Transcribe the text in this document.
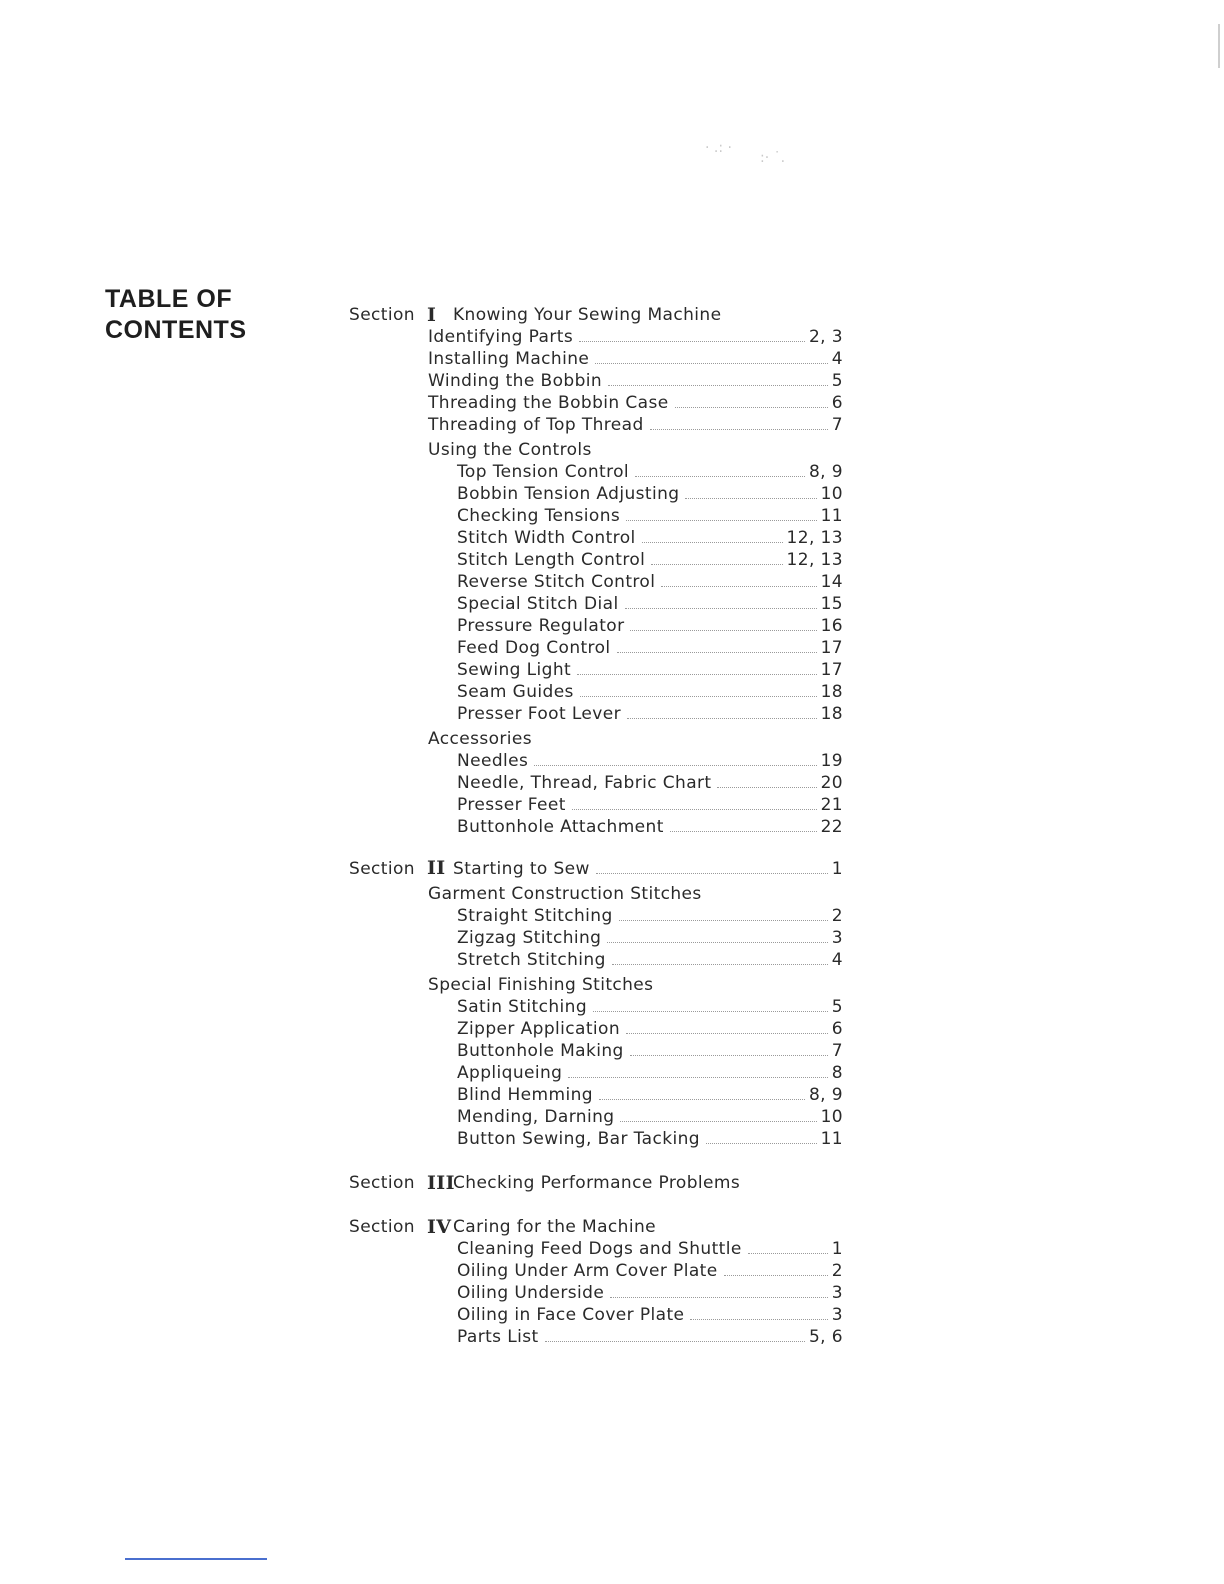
· .: ·
:· ˙.
TABLE OF
CONTENTS
Section I Knowing Your Sewing Machine
Identifying Parts	2, 3
Installing Machine	4
Winding the Bobbin	5
Threading the Bobbin Case	6
Threading of Top Thread	7
Using the Controls
Top Tension Control	8, 9
Bobbin Tension Adjusting	10
Checking Tensions	11
Stitch Width Control	12, 13
Stitch Length Control	12, 13
Reverse Stitch Control	14
Special Stitch Dial	15
Pressure Regulator	16
Feed Dog Control	17
Sewing Light	17
Seam Guides	18
Presser Foot Lever	18
Accessories
Needles	19
Needle, Thread, Fabric Chart	20
Presser Feet	21
Buttonhole Attachment	22
Section II Starting to Sew	1
Garment Construction Stitches
Straight Stitching	2
Zigzag Stitching	3
Stretch Stitching	4
Special Finishing Stitches
Satin Stitching	5
Zipper Application	6
Buttonhole Making	7
Appliqueing	8
Blind Hemming	8, 9
Mending, Darning	10
Button Sewing, Bar Tacking	11
Section III
Checking Performance Problems
Section IV Caring for the Machine
Cleaning Feed Dogs and Shuttle	1
Oiling Under Arm Cover Plate	2
Oiling Underside	3
Oiling in Face Cover Plate	3
Parts List	5, 6
